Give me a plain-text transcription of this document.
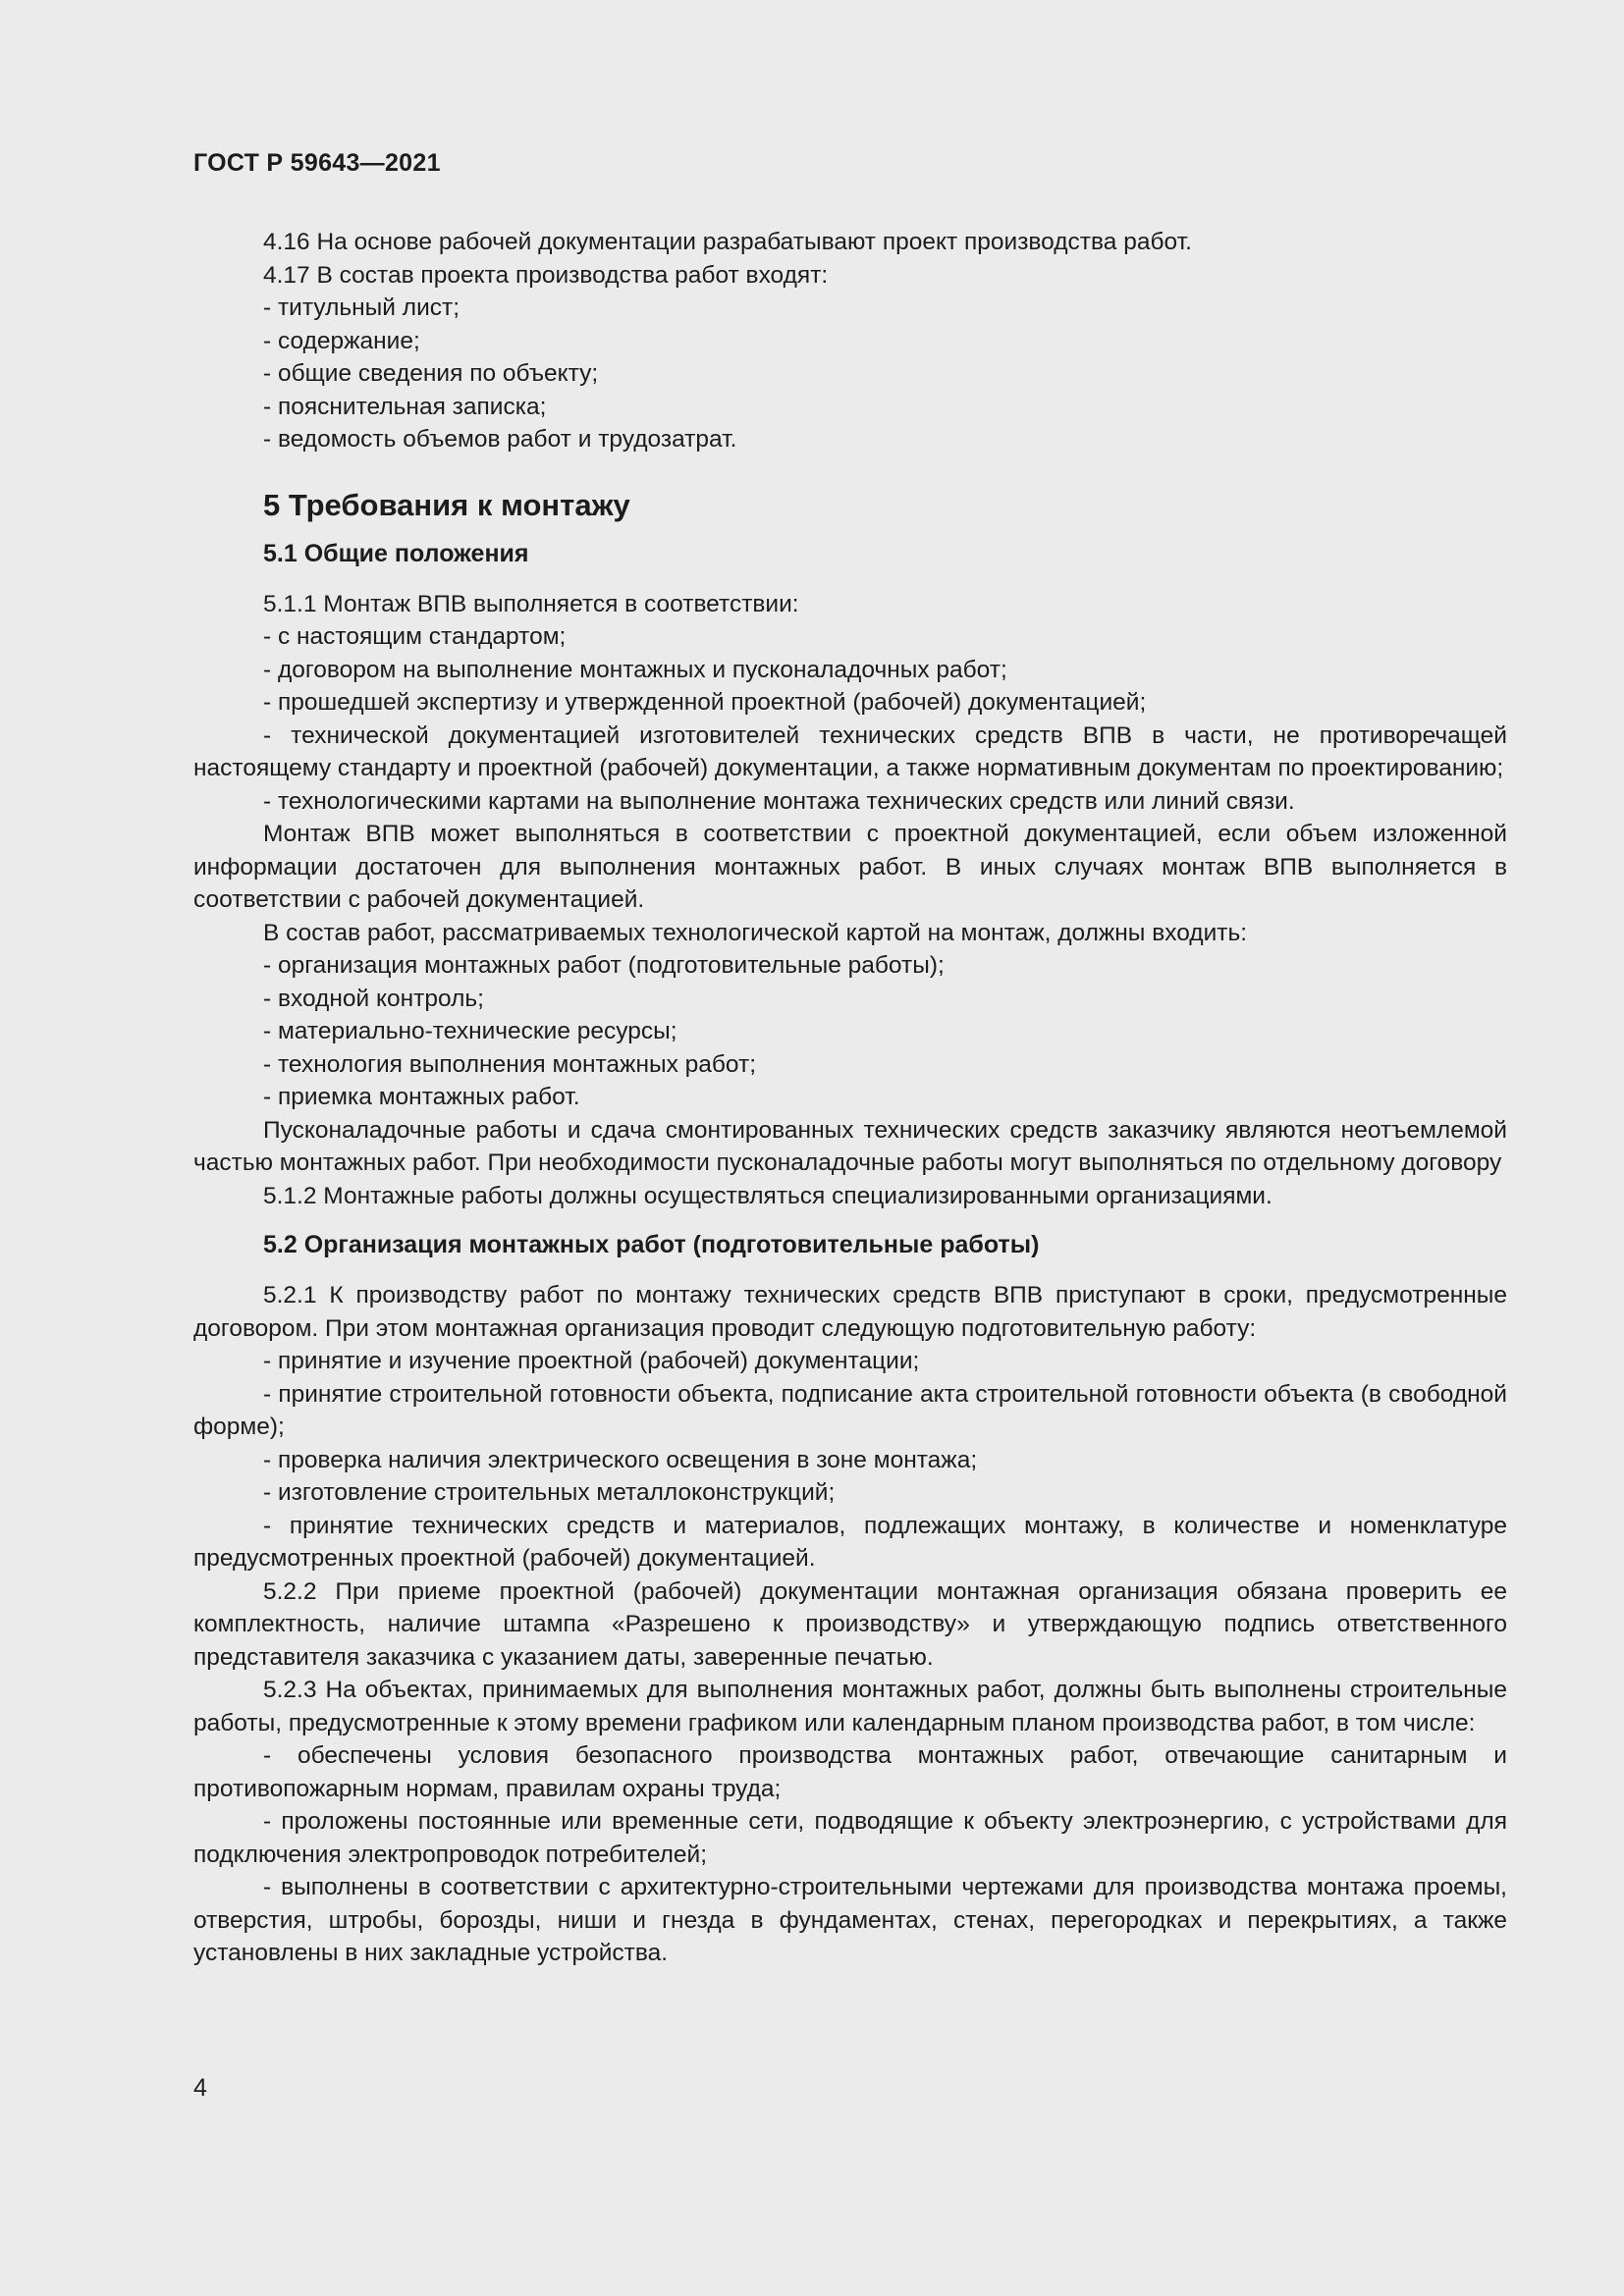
ГОСТ Р 59643—2021

4.16 На основе рабочей документации разрабатывают проект производства работ.

4.17 В состав проекта производства работ входят:

- титульный лист;

- содержание;

- общие сведения по объекту;

- пояснительная записка;

- ведомость объемов работ и трудозатрат.

5 Требования к монтажу
5.1 Общие положения

5.1.1 Монтаж ВПВ выполняется в соответствии:

- с настоящим стандартом;

- договором на выполнение монтажных и пусконаладочных работ;

- прошедшей экспертизу и утвержденной проектной (рабочей) документацией;

- технической документацией изготовителей технических средств ВПВ в части, не противоречащей настоящему стандарту и проектной (рабочей) документации, а также нормативным документам по проектированию;

- технологическими картами на выполнение монтажа технических средств или линий связи.

Монтаж ВПВ может выполняться в соответствии с проектной документацией, если объем изложенной информации достаточен для выполнения монтажных работ. В иных случаях монтаж ВПВ выполняется в соответствии с рабочей документацией.

В состав работ, рассматриваемых технологической картой на монтаж, должны входить:

- организация монтажных работ (подготовительные работы);

- входной контроль;

- материально-технические ресурсы;

- технология выполнения монтажных работ;

- приемка монтажных работ.

Пусконаладочные работы и сдача смонтированных технических средств заказчику являются неотъемлемой частью монтажных работ. При необходимости пусконаладочные работы могут выполняться по отдельному договору

5.1.2 Монтажные работы должны осуществляться специализированными организациями.

5.2 Организация монтажных работ (подготовительные работы)

5.2.1 К производству работ по монтажу технических средств ВПВ приступают в сроки, предусмотренные договором. При этом монтажная организация проводит следующую подготовительную работу:

- принятие и изучение проектной (рабочей) документации;

- принятие строительной готовности объекта, подписание акта строительной готовности объекта (в свободной форме);

- проверка наличия электрического освещения в зоне монтажа;

- изготовление строительных металлоконструкций;

- принятие технических средств и материалов, подлежащих монтажу, в количестве и номенклатуре предусмотренных проектной (рабочей) документацией.

5.2.2 При приеме проектной (рабочей) документации монтажная организация обязана проверить ее комплектность, наличие штампа «Разрешено к производству» и утверждающую подпись ответственного представителя заказчика с указанием даты, заверенные печатью.

5.2.3 На объектах, принимаемых для выполнения монтажных работ, должны быть выполнены строительные работы, предусмотренные к этому времени графиком или календарным планом производства работ, в том числе:

- обеспечены условия безопасного производства монтажных работ, отвечающие санитарным и противопожарным нормам, правилам охраны труда;

- проложены постоянные или временные сети, подводящие к объекту электроэнергию, с устройствами для подключения электропроводок потребителей;

- выполнены в соответствии с архитектурно-строительными чертежами для производства монтажа проемы, отверстия, штробы, борозды, ниши и гнезда в фундаментах, стенах, перегородках и перекрытиях, а также установлены в них закладные устройства.

4
